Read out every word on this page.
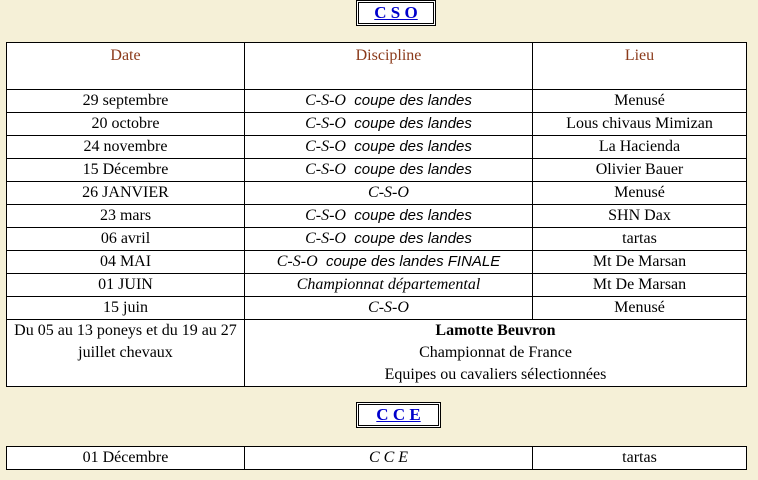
C S O
Date	Discipline	Lieu
29 septembre	C-S-O  coupe des landes	Menusé
20 octobre	C-S-O  coupe des landes	Lous chivaus Mimizan
24 novembre	C-S-O  coupe des landes	La Hacienda
15 Décembre	C-S-O  coupe des landes	Olivier Bauer
26 JANVIER	C-S-O	Menusé
23 mars	C-S-O  coupe des landes	SHN Dax
06 avril	C-S-O  coupe des landes	tartas
04 MAI	C-S-O  coupe des landes FINALE	Mt De Marsan
01 JUIN	Championnat départemental	Mt De Marsan
15 juin	C-S-O	Menusé
Du 05 au 13 poneys et du 19 au 27 juillet chevaux	Lamotte Beuvron
Championnat de France
Equipes ou cavaliers sélectionnées	
C C E
01 Décembre	C C E	tartas
